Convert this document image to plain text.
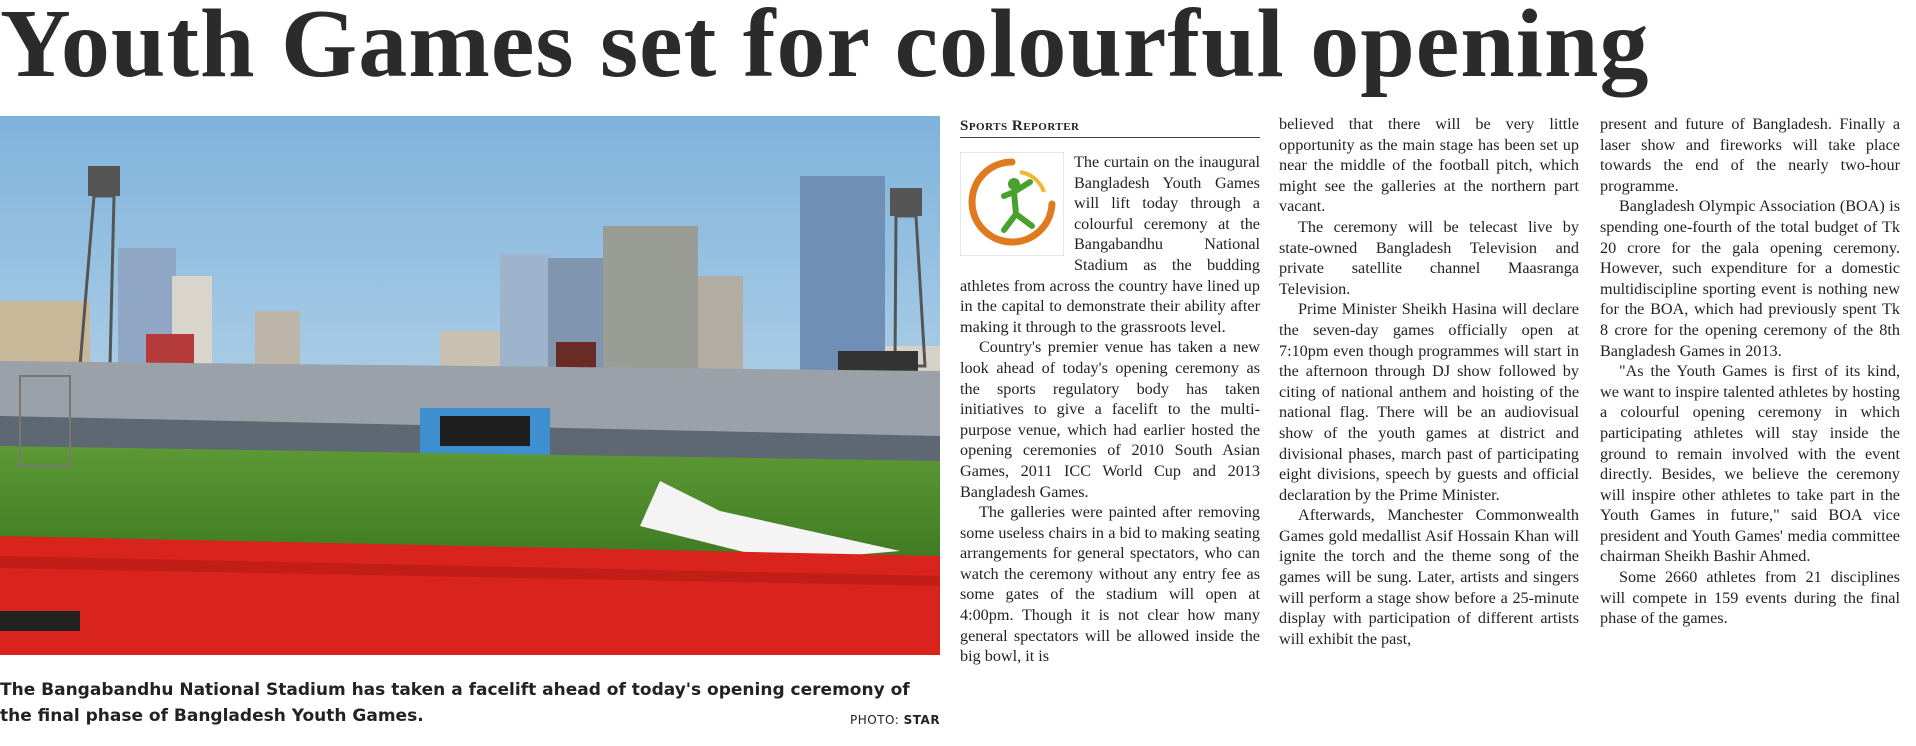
Youth Games set for colourful opening

The Bangabandhu National Stadium has taken a facelift ahead of today's opening ceremony of the final phase of Bangladesh Youth Games.	PHOTO: STAR
Sports Reporter

The curtain on the inaugural Bangladesh Youth Games will lift today through a colourful ceremony at the Bangabandhu National Stadium as the budding athletes from across the country have lined up in the capital to demonstrate their ability after making it through to the grassroots level.

Country's premier venue has taken a new look ahead of today's opening ceremony as the sports regulatory body has taken initiatives to give a facelift to the multi-purpose venue, which had earlier hosted the opening ceremonies of 2010 South Asian Games, 2011 ICC World Cup and 2013 Bangladesh Games.

The galleries were painted after removing some useless chairs in a bid to making seating arrangements for general spectators, who can watch the ceremony without any entry fee as some gates of the stadium will open at 4:00pm. Though it is not clear how many general spectators will be allowed inside the big bowl, it is

believed that there will be very little opportunity as the main stage has been set up near the middle of the football pitch, which might see the galleries at the northern part vacant.

The ceremony will be telecast live by state-owned Bangladesh Television and private satellite channel Maasranga Television.

Prime Minister Sheikh Hasina will declare the seven-day games officially open at 7:10pm even though programmes will start in the afternoon through DJ show followed by citing of national anthem and hoisting of the national flag. There will be an audiovisual show of the youth games at district and divisional phases, march past of participating eight divisions, speech by guests and official declaration by the Prime Minister.

Afterwards, Manchester Commonwealth Games gold medallist Asif Hossain Khan will ignite the torch and the theme song of the games will be sung. Later, artists and singers will perform a stage show before a 25-minute display with participation of different artists will exhibit the past,

present and future of Bangladesh. Finally a laser show and fireworks will take place towards the end of the nearly two-hour programme.

Bangladesh Olympic Association (BOA) is spending one-fourth of the total budget of Tk 20 crore for the gala opening ceremony. However, such expenditure for a domestic multidiscipline sporting event is nothing new for the BOA, which had previously spent Tk 8 crore for the opening ceremony of the 8th Bangladesh Games in 2013.

"As the Youth Games is first of its kind, we want to inspire talented athletes by hosting a colourful opening ceremony in which participating athletes will stay inside the ground to remain involved with the event directly. Besides, we believe the ceremony will inspire other athletes to take part in the Youth Games in future," said BOA vice president and Youth Games' media committee chairman Sheikh Bashir Ahmed.

Some 2660 athletes from 21 disciplines will compete in 159 events during the final phase of the games.
